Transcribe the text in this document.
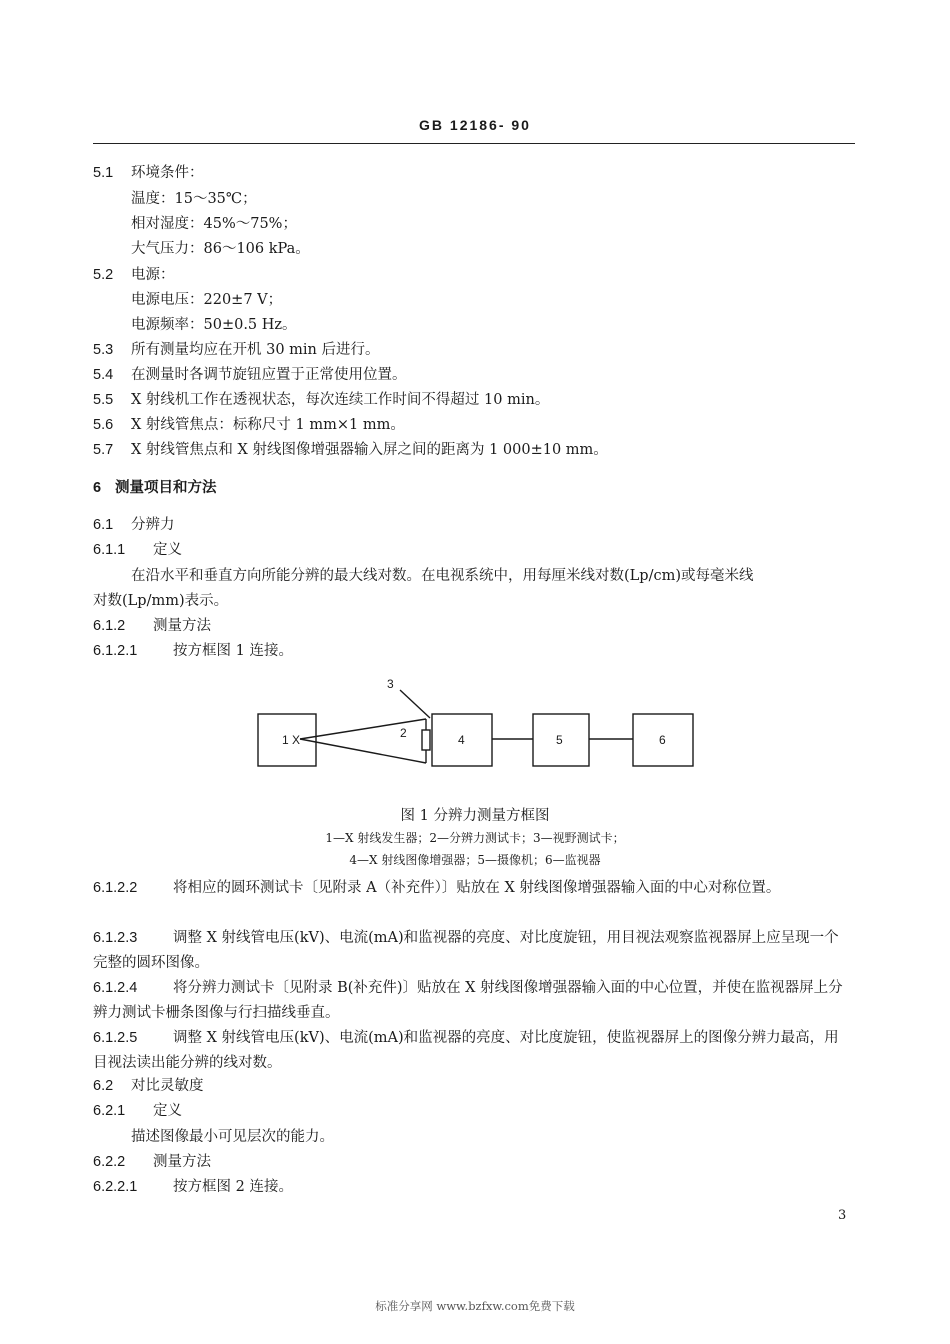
GB 12186- 90
5.1 环境条件：
温度：15～35℃；
相对湿度：45%～75%；
大气压力：86～106 kPa。
5.2 电源：
电源电压：220±7 V；
电源频率：50±0.5 Hz。
5.3 所有测量均应在开机 30 min 后进行。
5.4 在测量时各调节旋钮应置于正常使用位置。
5.5 X 射线机工作在透视状态，每次连续工作时间不得超过 10 min。
5.6 X 射线管焦点：标称尺寸 1 mm×1 mm。
5.7 X 射线管焦点和 X 射线图像增强器输入屏之间的距离为 1 000±10 mm。
6 测量项目和方法
6.1 分辨力
6.1.1 定义
在沿水平和垂直方向所能分辨的最大线对数。在电视系统中，用每厘米线对数(Lp/cm)或每毫米线
对数(Lp/mm)表示。
6.1.2 测量方法
6.1.2.1 按方框图 1 连接。
1 X	2
3
4	5	6
图 1 分辨力测量方框图
1—X 射线发生器；2—分辨力测试卡；3—视野测试卡；
4—X 射线图像增强器；5—摄像机；6—监视器
6.1.2.2 将相应的圆环测试卡〔见附录 A（补充件）〕贴放在 X 射线图像增强器输入面的中心对称位置。
6.1.2.3 调整 X 射线管电压(kV)、电流(mA)和监视器的亮度、对比度旋钮，用目视法观察监视器屏上应呈现一个完整的圆环图像。
6.1.2.4 将分辨力测试卡〔见附录 B(补充件)〕贴放在 X 射线图像增强器输入面的中心位置，并使在监视器屏上分辨力测试卡栅条图像与行扫描线垂直。
6.1.2.5 调整 X 射线管电压(kV)、电流(mA)和监视器的亮度、对比度旋钮，使监视器屏上的图像分辨力最高，用目视法读出能分辨的线对数。
6.2 对比灵敏度
6.2.1 定义
描述图像最小可见层次的能力。
6.2.2 测量方法
6.2.2.1 按方框图 2 连接。
3
标准分享网 www.bzfxw.com免费下载
